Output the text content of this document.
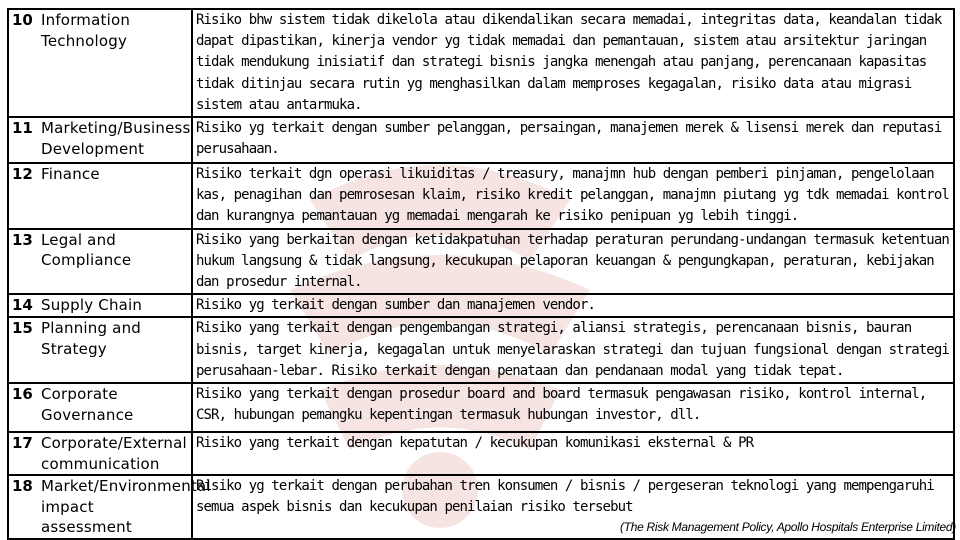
10	Information Technology	Risiko bhw sistem tidak dikelola atau dikendalikan secara memadai, integritas data, keandalan tidak dapat dipastikan, kinerja vendor yg tidak memadai dan pemantauan, sistem atau arsitektur jaringan tidak mendukung inisiatif dan strategi bisnis jangka menengah atau panjang, perencanaan kapasitas tidak ditinjau secara rutin yg menghasilkan dalam memproses kegagalan, risiko data atau migrasi sistem atau antarmuka.
11	Marketing/Business Development	Risiko yg terkait dengan sumber pelanggan, persaingan, manajemen merek & lisensi merek dan reputasi perusahaan.
12	Finance	Risiko terkait dgn operasi likuiditas / treasury, manajmn hub dengan pemberi pinjaman, pengelolaan kas, penagihan dan pemrosesan klaim, risiko kredit pelanggan, manajmn piutang yg tdk memadai kontrol dan kurangnya pemantauan yg memadai mengarah ke risiko penipuan yg lebih tinggi.
13	Legal and Compliance	Risiko yang berkaitan dengan ketidakpatuhan terhadap peraturan perundang-undangan termasuk ketentuan hukum langsung & tidak langsung, kecukupan pelaporan keuangan & pengungkapan, peraturan, kebijakan dan prosedur internal.
14	Supply Chain	Risiko yg terkait dengan sumber dan manajemen vendor.
15	Planning and Strategy	Risiko yang terkait dengan pengembangan strategi, aliansi strategis, perencanaan bisnis, bauran bisnis, target kinerja, kegagalan untuk menyelaraskan strategi dan tujuan fungsional dengan strategi perusahaan-lebar. Risiko terkait dengan penataan dan pendanaan modal yang tidak tepat.
16	Corporate Governance	Risiko yang terkait dengan prosedur board and board termasuk pengawasan risiko, kontrol internal, CSR, hubungan pemangku kepentingan termasuk hubungan investor, dll.
17	Corporate/External communication	Risiko yang terkait dengan kepatutan / kecukupan komunikasi eksternal & PR
18	Market/Environmental impact assessment	Risiko yg terkait dengan perubahan tren konsumen / bisnis / pergeseran teknologi yang mempengaruhi semua aspek bisnis dan kecukupan penilaian risiko tersebut
(The Risk Management Policy, Apollo Hospitals Enterprise Limited)
